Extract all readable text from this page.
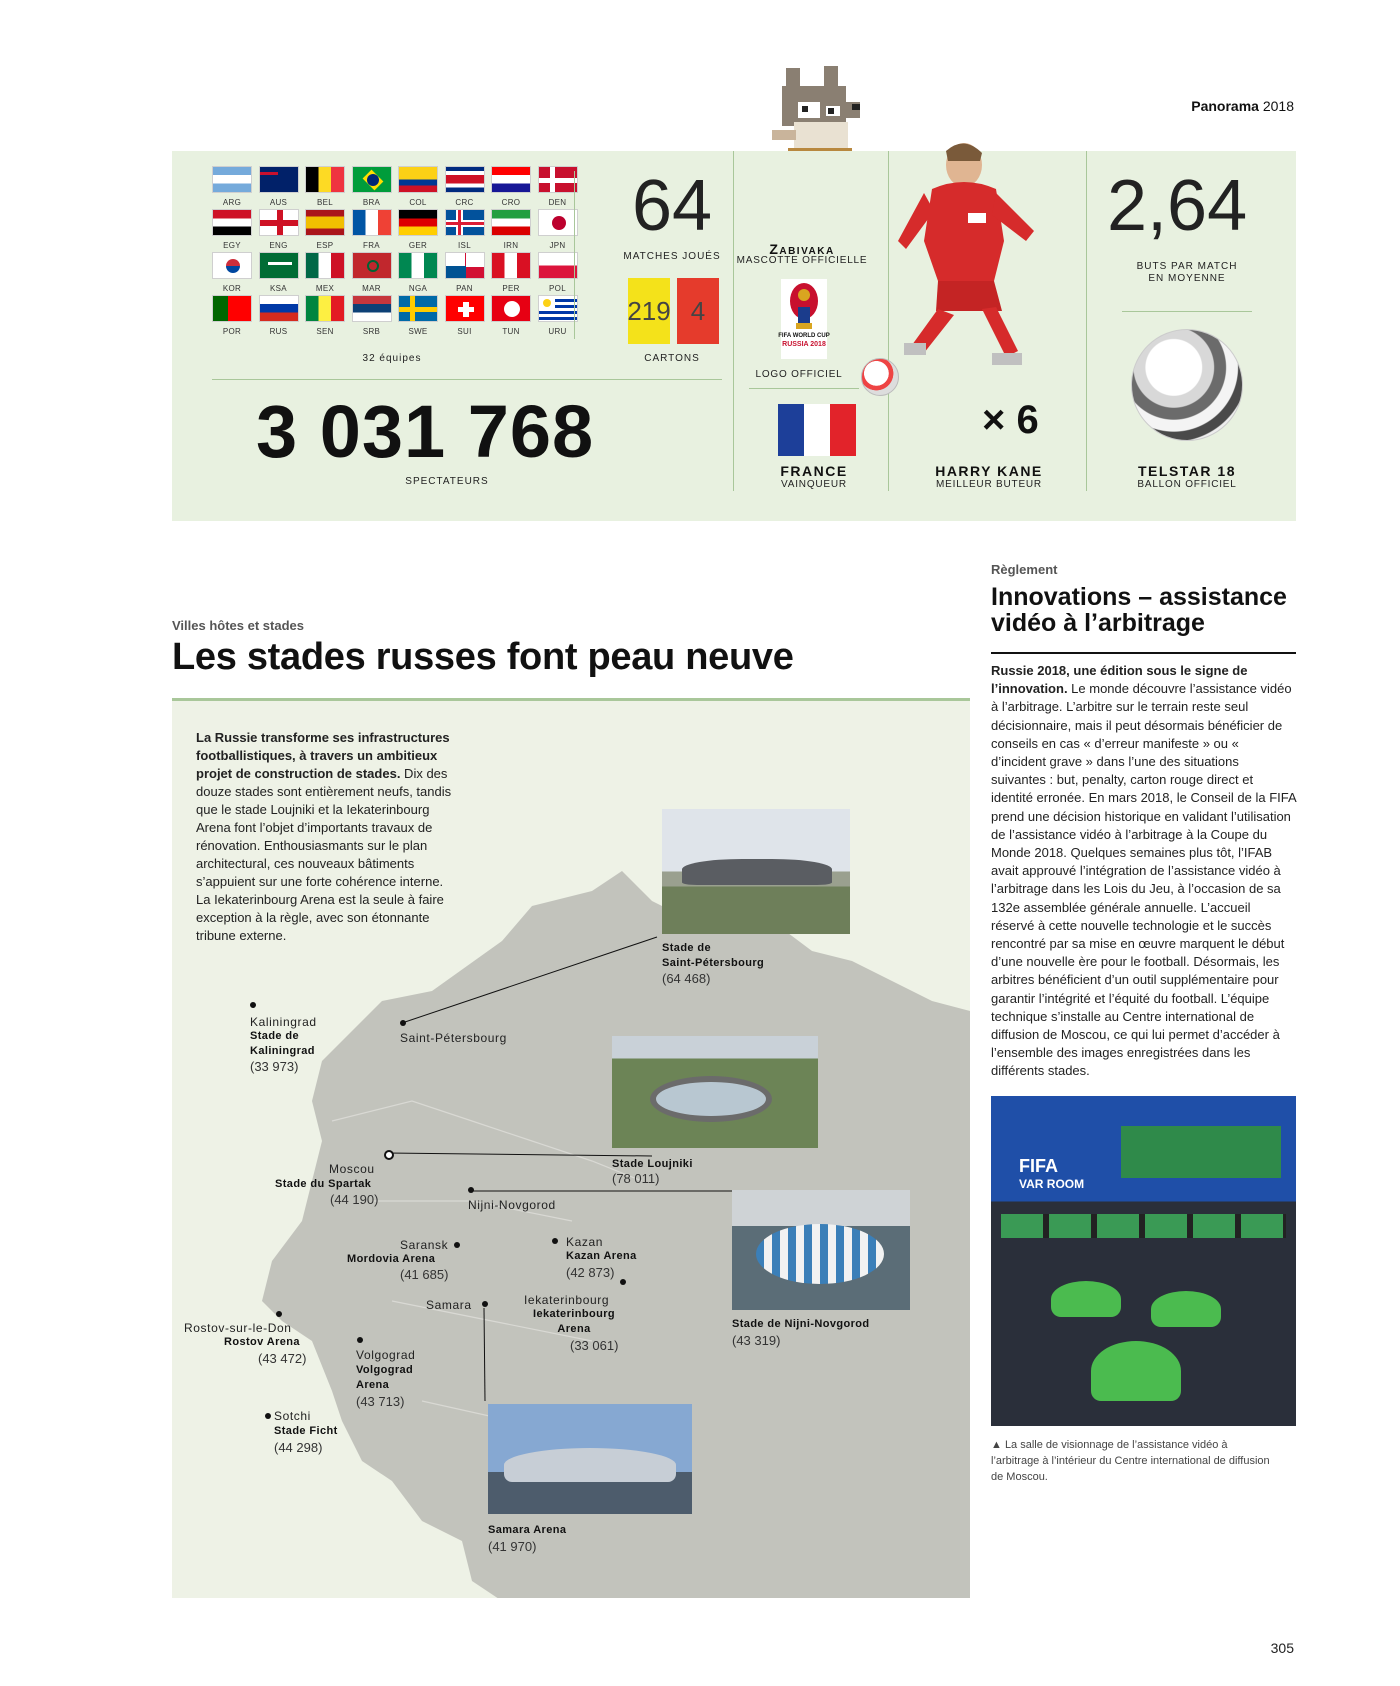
Panorama 2018
ARG	AUS	BEL	BRA	COL	CRC	CRO	DEN
EGY	ENG	ESP	FRA	GER	ISL	IRN	JPN
KOR	KSA	MEX	MAR	NGA	PAN	PER	POL
POR	RUS	SEN	SRB	SWE	SUI	TUN	URU
32 équipes
64
MATCHES JOUÉS
219 4
CARTONS
3 031 768
SPECTATEURS
Zabivaka
MASCOTTE OFFICIELLE
FIFA WORLD CUP
RUSSIA 2018
LOGO OFFICIEL
FRANCE
VAINQUEUR
× 6
HARRY KANE
MEILLEUR BUTEUR
2,64
BUTS PAR MATCH
EN MOYENNE
TELSTAR 18
BALLON OFFICIEL
Villes hôtes et stades
Les stades russes font peau neuve
La Russie transforme ses infrastructures footballistiques, à travers un ambitieux projet de construction de stades. Dix des douze stades sont entièrement neufs, tandis que le stade Loujniki et la Iekaterinbourg Arena font l’objet d’importants travaux de rénovation. Enthousiasmants sur le plan architectural, ces nouveaux bâtiments s’appuient sur une forte cohérence interne. La Iekaterinbourg Arena est la seule à faire exception à la règle, avec son étonnante tribune externe.
Stade de
Saint-Pétersbourg
(64 468)
Saint-Pétersbourg
Kaliningrad
Stade de
Kaliningrad
(33 973)
Moscou
Stade du Spartak
(44 190)
Stade Loujniki
(78 011)
Nijni-Novgorod
Stade de Nijni-Novgorod
(43 319)
Saransk
Mordovia Arena
(41 685)
Kazan
Kazan Arena
(42 873)
Iekaterinbourg
Iekaterinbourg
Arena
(33 061)
Samara
Rostov-sur-le-Don
Rostov Arena
(43 472)	Volgograd
Volgograd
Arena
(43 713)
Sotchi
Stade Ficht
(44 298)
Samara Arena
(41 970)
Règlement
Innovations – assistance vidéo à l’arbitrage
Russie 2018, une édition sous le signe de l’innovation. Le monde découvre l’assistance vidéo à l’arbitrage. L’arbitre sur le terrain reste seul décisionnaire, mais il peut désormais bénéficier de conseils en cas « d’erreur manifeste » ou « d’incident grave » dans l’une des situations suivantes : but, penalty, carton rouge direct et identité erronée. En mars 2018, le Conseil de la FIFA prend une décision historique en validant l’utilisation de l’assistance vidéo à l’arbitrage à la Coupe du Monde 2018. Quelques semaines plus tôt, l’IFAB avait approuvé l’intégration de l’assistance vidéo à l’arbitrage dans les Lois du Jeu, à l’occasion de sa 132e assemblée générale annuelle. L’accueil réservé à cette nouvelle technologie et le succès rencontré par sa mise en œuvre marquent le début d’une nouvelle ère pour le football. Désormais, les arbitres bénéficient d’un outil supplémentaire pour garantir l’intégrité et l’équité du football. L’équipe technique s’installe au Centre international de diffusion de Moscou, ce qui lui permet d’accéder à l’ensemble des images enregistrées dans les différents stades.
FIFA
VAR ROOM
▲ La salle de visionnage de l’assistance vidéo à l’arbitrage à l’intérieur du Centre international de diffusion de Moscou.
305
